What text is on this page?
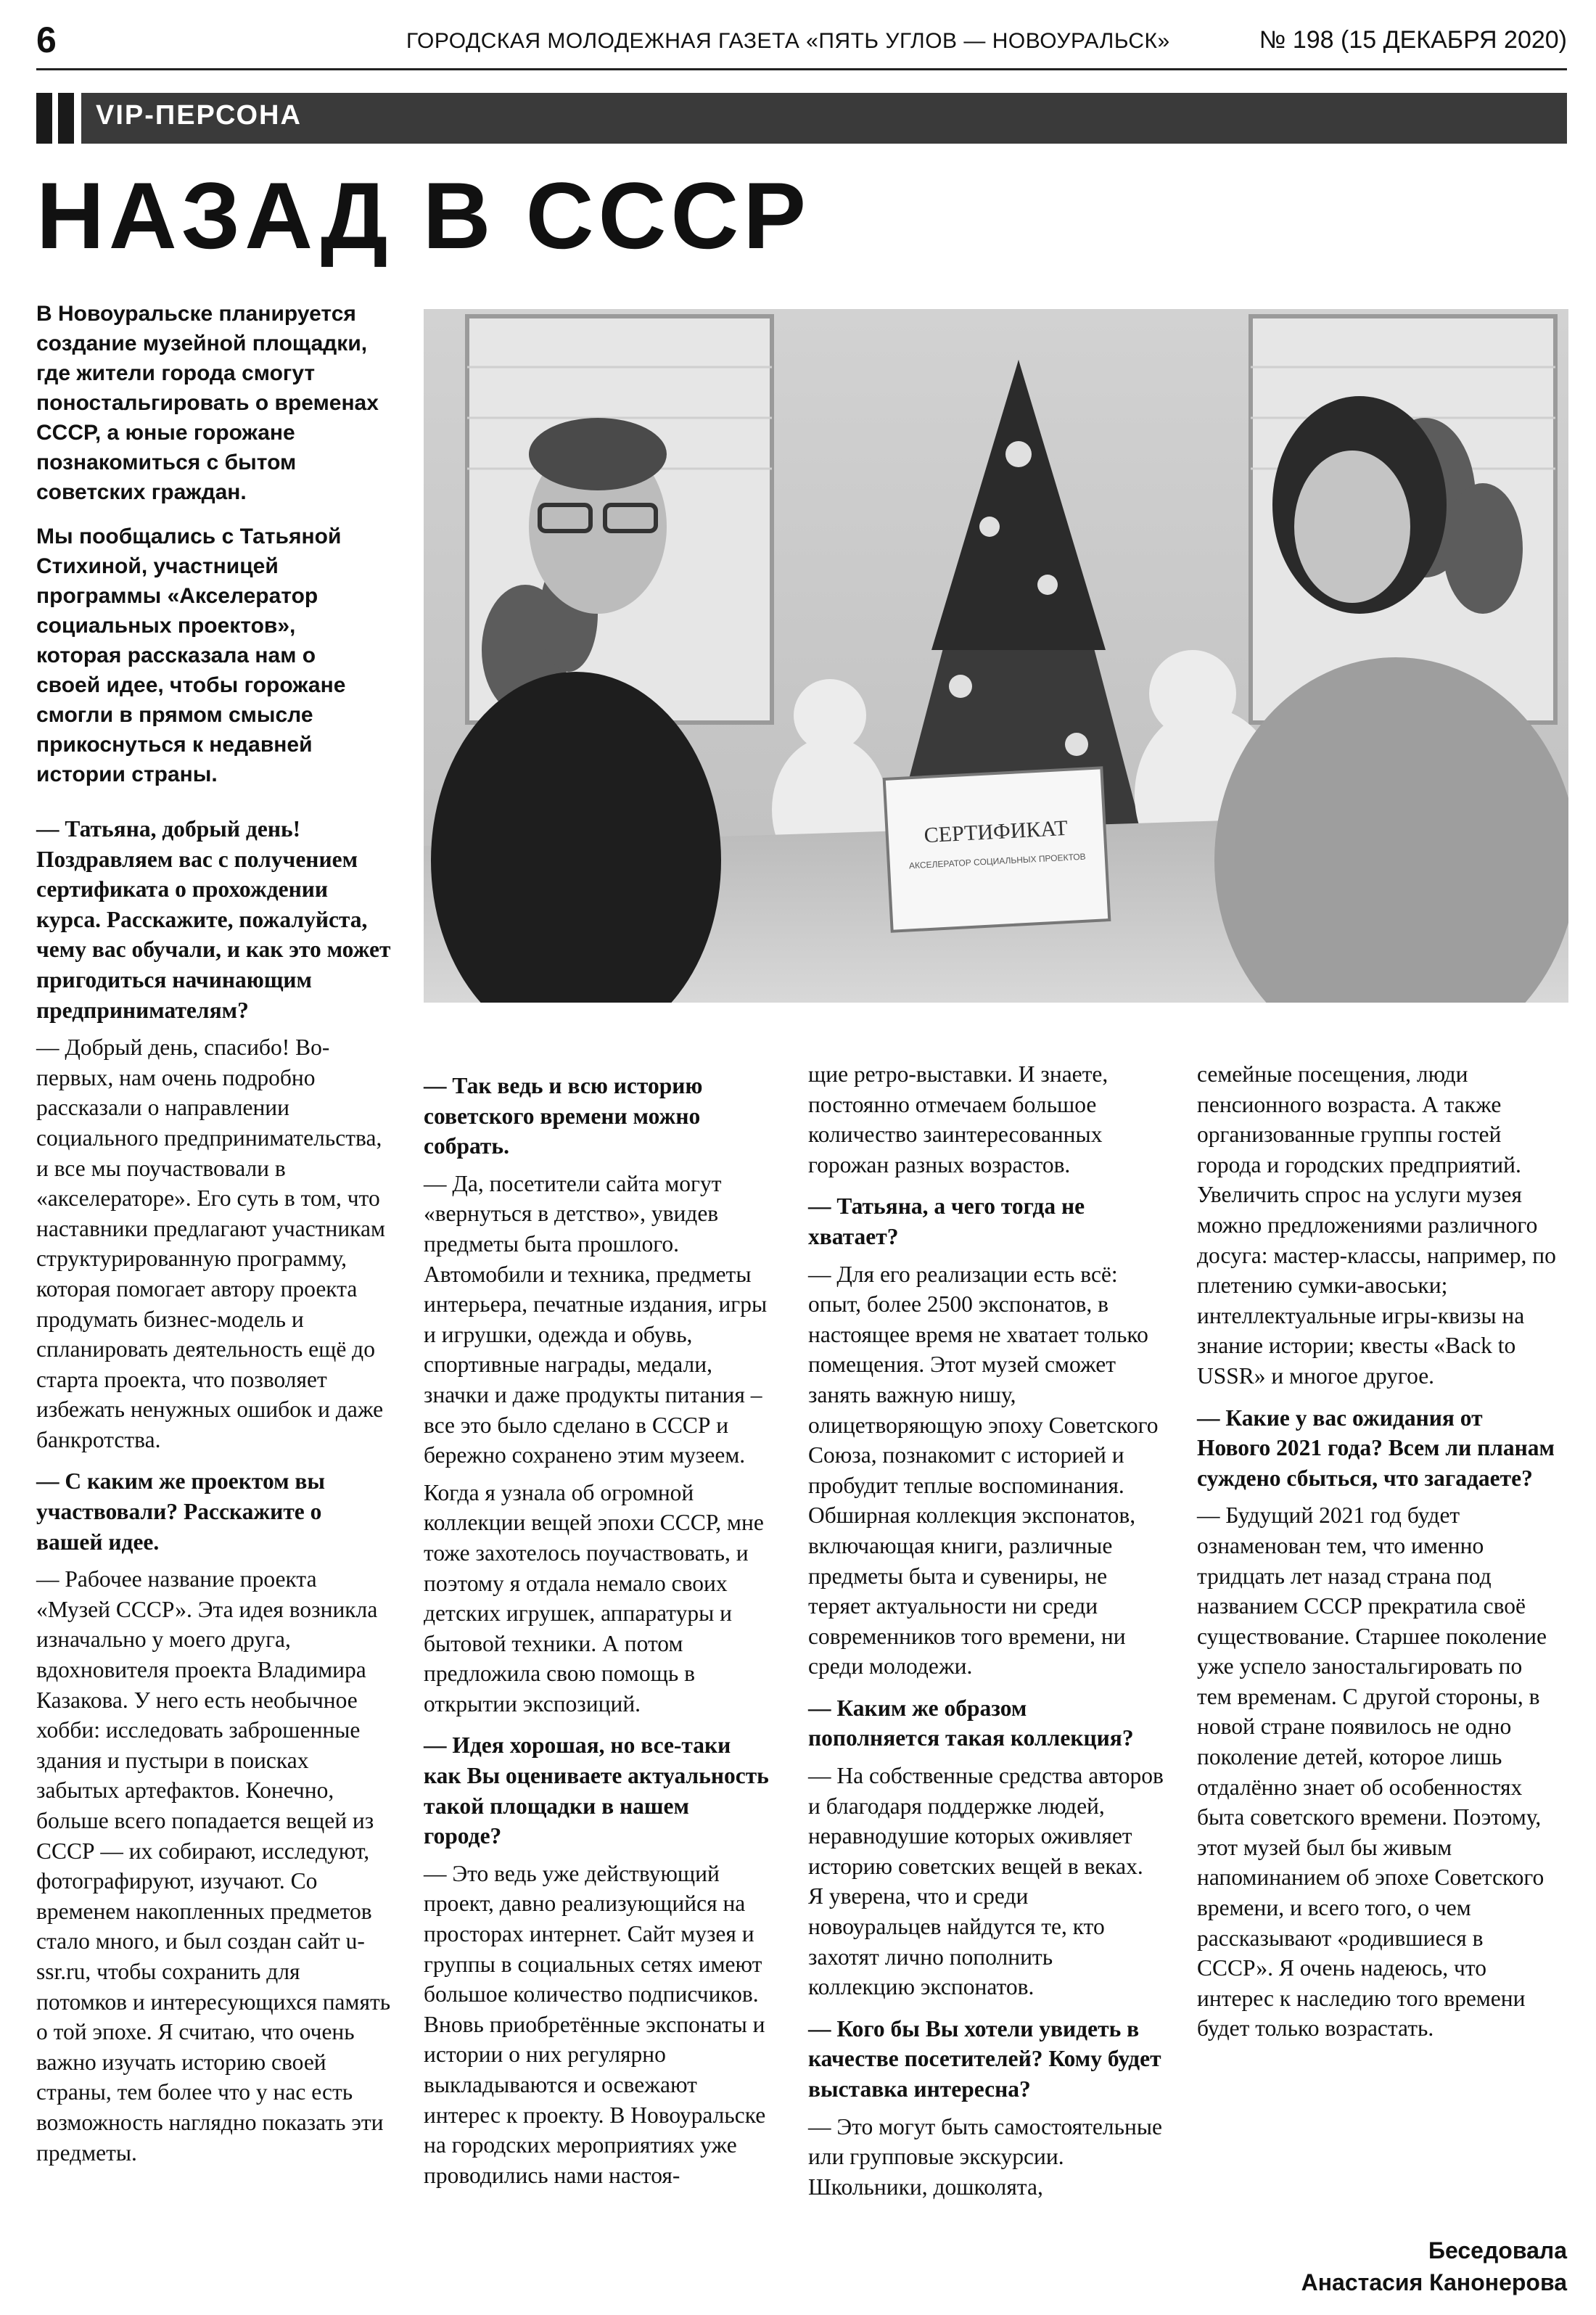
6	ГОРОДСКАЯ МОЛОДЕЖНАЯ ГАЗЕТА «ПЯТЬ УГЛОВ — НОВОУРАЛЬСК»	№ 198 (15 ДЕКАБРЯ 2020)
VIP-ПЕРСОНА
НАЗАД В СССР

В Новоуральске планируется создание музейной площадки, где жители города смогут поностальгировать о временах СССР, а юные горожане познакомиться с бытом советских граждан.

Мы пообщались с Татьяной Стихиной, участницей программы «Акселератор социальных проектов», которая рассказала нам о своей идее, чтобы горожане смогли в прямом смысле прикоснуться к недавней истории страны.

СЕРТИФИКАТ
АКСЕЛЕРАТОР СОЦИАЛЬНЫХ ПРОЕКТОВ

— Татьяна, добрый день! Поздравляем вас с получением сертификата о прохождении курса. Расскажите, пожалуйста, чему вас обучали, и как это может пригодиться начинающим предпринимателям?

— Добрый день, спасибо! Во-первых, нам очень подробно рассказали о направлении социального предпринимательства, и все мы поучаствовали в «акселераторе». Его суть в том, что наставники предлагают участникам структурированную программу, которая помогает автору проекта продумать бизнес-модель и спланировать деятельность ещё до старта проекта, что позволяет избежать ненужных ошибок и даже банкротства.

— С каким же проектом вы участвовали? Расскажите о вашей идее.

— Рабочее название проекта «Музей СССР». Эта идея возникла изначально у моего друга, вдохновителя проекта Владимира Казакова. У него есть необычное хобби: исследовать заброшенные здания и пустыри в поисках забытых артефактов. Конечно, больше всего попадается вещей из СССР — их собирают, исследуют, фотографируют, изучают. Со временем накопленных предметов стало много, и был создан сайт u-ssr.ru, чтобы сохранить для потомков и интересующихся память о той эпохе. Я считаю, что очень важно изучать историю своей страны, тем более что у нас есть возможность наглядно показать эти предметы.

— Так ведь и всю историю советского времени можно собрать.

— Да, посетители сайта могут «вернуться в детство», увидев предметы быта прошлого. Автомобили и техника, предметы интерьера, печатные издания, игры и игрушки, одежда и обувь, спортивные награды, медали, значки и даже продукты питания – все это было сделано в СССР и бережно сохранено этим музеем.

Когда я узнала об огромной коллекции вещей эпохи СССР, мне тоже захотелось поучаствовать, и поэтому я отдала немало своих детских игрушек, аппаратуры и бытовой техники. А потом предложила свою помощь в открытии экспозиций.

— Идея хорошая, но все-таки как Вы оцениваете актуальность такой площадки в нашем городе?

— Это ведь уже действующий проект, давно реализующийся на просторах интернет. Сайт музея и группы в социальных сетях имеют большое количество подписчиков. Вновь приобретённые экспонаты и истории о них регулярно выкладываются и освежают интерес к проекту. В Новоуральске на городских мероприятиях уже проводились нами настоя-

щие ретро-выставки. И знаете, постоянно отмечаем большое количество заинтересованных горожан разных возрастов.

— Татьяна, а чего тогда не хватает?

— Для его реализации есть всё: опыт, более 2500 экспонатов, в настоящее время не хватает только помещения. Этот музей сможет занять важную нишу, олицетворяющую эпоху Советского Союза, познакомит с историей и пробудит теплые воспоминания. Обширная коллекция экспонатов, включающая книги, различные предметы быта и сувениры, не теряет актуальности ни среди современников того времени, ни среди молодежи.

— Каким же образом пополняется такая коллекция?

— На собственные средства авторов и благодаря поддержке людей, неравнодушие которых оживляет историю советских вещей в веках. Я уверена, что и среди новоуральцев найдутся те, кто захотят лично пополнить коллекцию экспонатов.

— Кого бы Вы хотели увидеть в качестве посетителей? Кому будет выставка интересна?

— Это могут быть самостоятельные или групповые экскурсии. Школьники, дошколята,

семейные посещения, люди пенсионного возраста. А также организованные группы гостей города и городских предприятий. Увеличить спрос на услуги музея можно предложениями различного досуга: мастер-классы, например, по плетению сумки-авоськи; интеллектуальные игры-квизы на знание истории; квесты «Back to USSR» и многое другое.

— Какие у вас ожидания от Нового 2021 года? Всем ли планам суждено сбыться, что загадаете?

— Будущий 2021 год будет ознаменован тем, что именно тридцать лет назад страна под названием СССР прекратила своё существование. Старшее поколение уже успело заностальгировать по тем временам. С другой стороны, в новой стране появилось не одно поколение детей, которое лишь отдалённо знает об особенностях быта советского времени. Поэтому, этот музей был бы живым напоминанием об эпохе Советского времени, и всего того, о чем рассказывают «родившиеся в СССР». Я очень надеюсь, что интерес к наследию того времени будет только возрастать.

Беседовала
Анастасия Канонерова
